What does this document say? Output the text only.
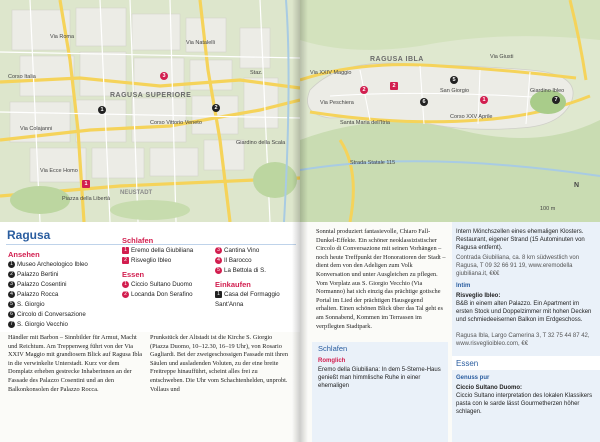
RAGUSA SUPERIORE
NEUSTADT
Corso Italia
Via Roma
Corso Vittorio Veneto
Via Colajanni
Via Natalelli
Via Ecce Homo
Piazza della Libertà
Giardino della Scala
Staz.
1	2
1
3
RAGUSA IBLA
Giardino Ibleo
San Giorgio
Santa Maria dell'Itria
Via XXIV Maggio
Corso XXV Aprile
Via Giusti
Via Peschiera
Strada Statale 115
5
6	7
2
1
2
N
100 m
Ragusa
Ansehen
1 Museo Archeologico Ibleo
2 Palazzo Bertini
3 Palazzo Cosentini
4 Palazzo Rocca
5 S. Giorgio
6 Circolo di Conversazione
7 S. Giorgio Vecchio
Schlafen
1 Eremo della Giubiliana
2 Risveglio Ibleo
Essen
1 Ciccio Sultano Duomo
2 Locanda Don Serafino
3 Cantina Vino
4 Il Barocco
5 La Bettola di S.
Einkaufen
1 Casa del Formaggio Sant'Anna
Händler mit Barbon – Sinnbilder für Armut, Macht und Reichtum. Am Treppenweg führt von der Via XXIV Maggio mit grandiosem Blick auf Ragusa Ibla in die verwinkelte Unterstadt. Kurz vor dem Domplatz erheben gestrecke Inhaberinnen an der Fassade des Palazzo Cosentini und an den Balkonkonsolen der Palazzo Rocca.
Prunkstück der Altstadt ist die Kirche S. Giorgio (Piazza Duomo, 10–12.30, 16–19 Uhr), von Rosario Gagliardi. Bei der zweigeschossigen Fassade mit ihren Säulen und ausladenden Voluten, zu der eine breite Freitreppe hinaufführt, scheint alles frei zu entschweben. Die Uhr vom Schachtenhelden, unprobt. Vollaus und
Sonntal produziert fantasievolle, Chiaro Fall-Dunkel-Effekte. Ein schöner neoklassizistischer Circolo di Conversazione mit seinen Vorhängen – noch heute Treffpunkt der Honoratioren der Stadt – dient dem von den Adeligen zum Volk Konversation und unter Ausgleichen zu pflegen. Vom Vorplatz aus S. Giorgio Vecchio (Via Normanno) hat sich einzig das prächtige gotische Portal im Lied der prächtigen Hausgegend erhalten. Einen schönen Blick über das Tal geht es am Sonnabend, Kommen im Terrassen im verpflegten Stadtpark.
Schlafen
Romglich
Eremo della Giubiliana: In dem 5-Sterne-Haus genießt man himmlische Ruhe in einer ehemaligen
Intern Mönchszellen eines ehemaligen Klosters. Restaurant, eigener Strand (15 Autominuten von Ragusa entfernt).
Contrada Giubiliana, ca. 8 km südwestlich von Ragusa, T 09 32 66 91 19, www.eremodella giubiliana.it, €€€
Intim
Risveglio Ibleo:
B&B in einem alten Palazzo. Ein Apartment im ersten Stock und Doppelzimmer mit hohen Decken und schmiedeeisernen Balkon im Erdgeschoss.
Ragusa Ibla, Largo Camerina 3, T 32 75 44 87 42, www.risveglioibleo.com, €€
Essen
Genuss pur
Ciccio Sultano Duomo:
Ciccio Sultano interpretation des lokalen Klassikers pasta con le sarde lässt Gourmetherzen höher schlagen.
